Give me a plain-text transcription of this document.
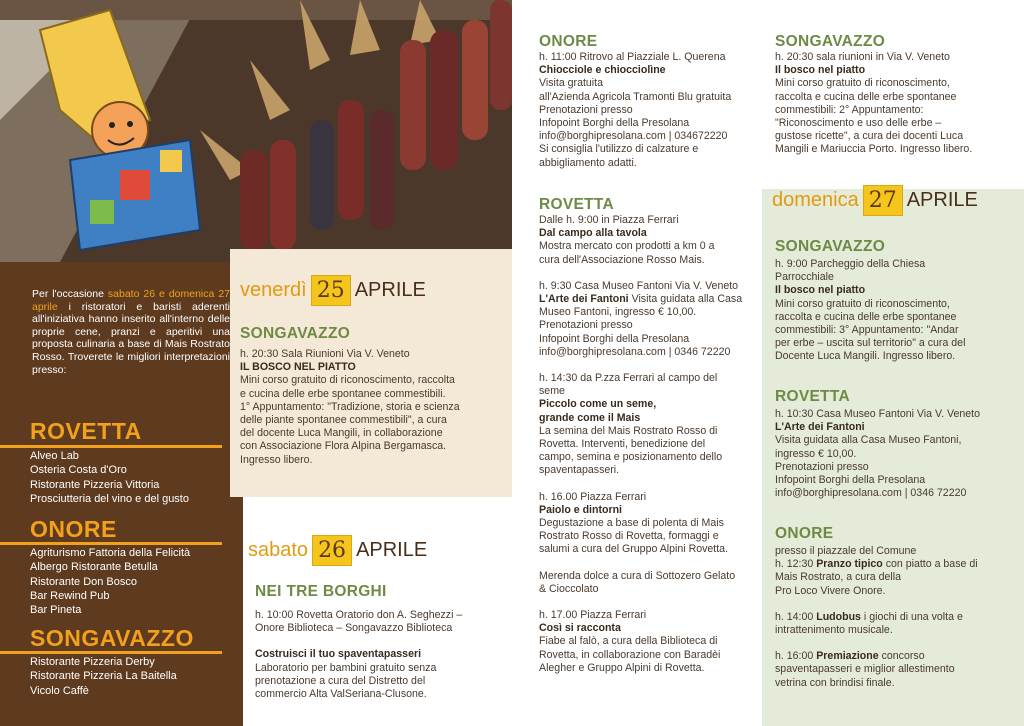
Per l'occasione sabato 26 e domenica 27 aprile i ristoratori e baristi aderenti all'iniziativa hanno inserito all'interno delle proprie cene, pranzi e aperitivi una proposta culinaria a base di Mais Rostrato Rosso. Troverete le migliori interpretazioni presso:
ROVETTA
Alveo Lab
Osteria Costa d'Oro
Ristorante Pizzeria Vittoria
Prosciutteria del vino e del gusto
ONORE
Agriturismo Fattoria della Felicità
Albergo Ristorante Betulla
Ristorante Don Bosco
Bar Rewind Pub
Bar Pineta
SONGAVAZZO
Ristorante Pizzeria Derby
Ristorante Pizzeria La Baitella
Vicolo Caffè
venerdì 25 APRILE
SONGAVAZZO
h. 20:30 Sala Riunioni Via V. Veneto
IL BOSCO NEL PIATTO
Mini corso gratuito di riconoscimento, raccolta
e cucina delle erbe spontanee commestibili.
1° Appuntamento: "Tradizione, storia e scienza
delle piante spontanee commestibili", a cura
del docente Luca Mangili, in collaborazione
con Associazione Flora Alpina Bergamasca.
Ingresso libero.
sabato 26 APRILE
NEI TRE BORGHI
h. 10:00 Rovetta Oratorio don A. Seghezzi –
Onore Biblioteca – Songavazzo Biblioteca
Costruisci il tuo spaventapasseri
Laboratorio per bambini gratuito senza
prenotazione a cura del Distretto del
commercio Alta ValSeriana-Clusone.
ONORE
h. 11:00 Ritrovo al Piazziale L. Querena
Chiocciole e chiocciolìne
Visita gratuita
all'Azienda Agricola Tramonti Blu gratuita
Prenotazioni presso
Infopoint Borghi della Presolana
info@borghipresolana.com | 034672220
Si consiglia l'utilizzo di calzature e
abbigliamento adatti.
ROVETTA
Dalle h. 9:00 in Piazza Ferrari
Dal campo alla tavola
Mostra mercato con prodotti a km 0 a
cura dell'Associazione Rosso Mais.
h. 9:30 Casa Museo Fantoni Via V. Veneto
L'Arte dei Fantoni Visita guidata alla Casa
Museo Fantoni, ingresso € 10,00.
Prenotazioni presso
Infopoint Borghi della Presolana
info@borghipresolana.com | 0346 72220
h. 14:30 da P.zza Ferrari al campo del
seme
Piccolo come un seme,
grande come il Mais
La semina del Mais Rostrato Rosso di
Rovetta. Interventi, benedizione del
campo, semina e posizionamento dello
spaventapasseri.
h. 16.00 Piazza Ferrari
Paiolo e dintorni
Degustazione a base di polenta di Mais
Rostrato Rosso di Rovetta, formaggi e
salumi a cura del Gruppo Alpini Rovetta.
Merenda dolce a cura di Sottozero Gelato
& Cioccolato
h. 17.00 Piazza Ferrari
Così si racconta
Fiabe al falò, a cura della Biblioteca di
Rovetta, in collaborazione con Baradèi
Alegher e Gruppo Alpini di Rovetta.
SONGAVAZZO
h. 20:30 sala riunioni in Via V. Veneto
Il bosco nel piatto
Mini corso gratuito di riconoscimento,
raccolta e cucina delle erbe spontanee
commestibili: 2° Appuntamento:
"Riconoscimento e uso delle erbe –
gustose ricette", a cura dei docenti Luca
Mangili e Mariuccia Porto. Ingresso libero.
domenica 27 APRILE
SONGAVAZZO
h. 9:00 Parcheggio della Chiesa
Parrocchiale
Il bosco nel piatto
Mini corso gratuito di riconoscimento,
raccolta e cucina delle erbe spontanee
commestibili: 3° Appuntamento: "Andar
per erbe – uscita sul territorio" a cura del
Docente Luca Mangili. Ingresso libero.
ROVETTA
h. 10:30 Casa Museo Fantoni Via V. Veneto
L'Arte dei Fantoni
Visita guidata alla Casa Museo Fantoni,
ingresso € 10,00.
Prenotazioni presso
Infopoint Borghi della Presolana
info@borghipresolana.com | 0346 72220
ONORE
presso il piazzale del Comune
h. 12:30 Pranzo tipico con piatto a base di
Mais Rostrato, a cura della
Pro Loco Vivere Onore.
h. 14:00 Ludobus i giochi di una volta e
intrattenimento musicale.
h. 16:00 Premiazione concorso
spaventapasseri e miglior allestimento
vetrina con brindisi finale.
